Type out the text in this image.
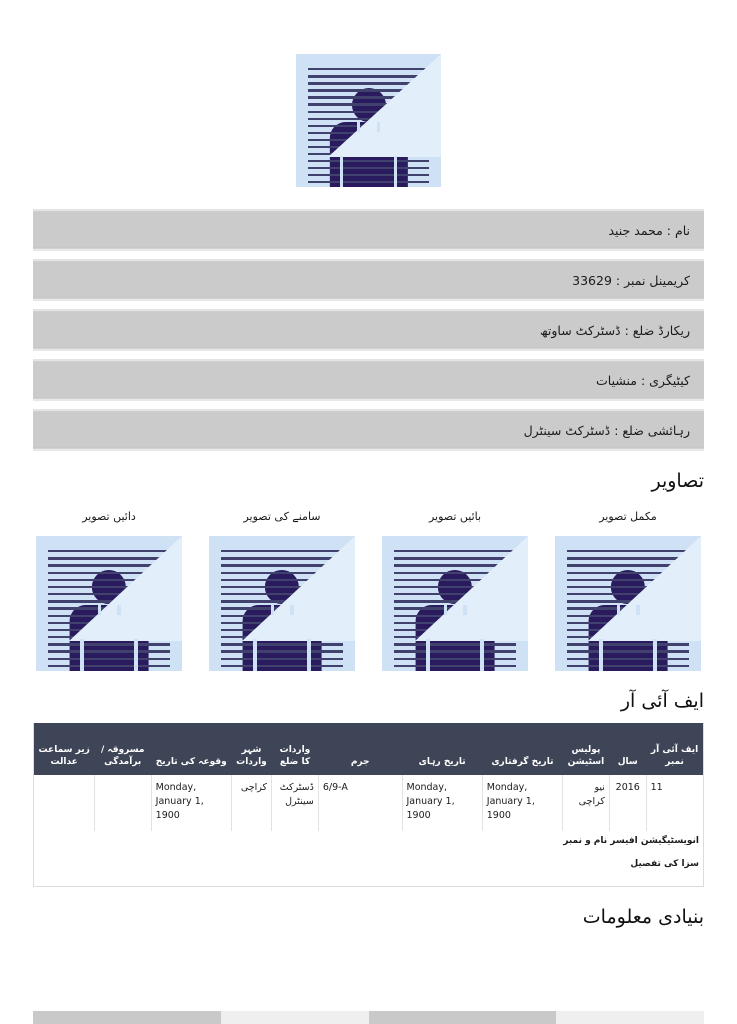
نام : محمد جنید
کریمینل نمبر : 33629
ریکارڈ ضلع : ڈسٹرکٹ ساوتھ
کیٹیگری : منشیات
رہائشی ضلع : ڈسٹرکٹ سینٹرل
تصاویر
مکمل تصویر
بائیں تصویر
سامنے کی تصویر
دائیں تصویر
ایف آئی آر
ایف آئی آر نمبر	سال	پولیس اسٹیشن	تاریخ گرفتاری	تاریخ رہای	جرم	واردات کا ضلع	شہر واردات	وقوعہ کی تاریخ	مسروقہ / برآمدگی	زیر سماعت عدالت
11	2016	نیو کراچی	Monday, January 1, 1900	Monday, January 1, 1900	6/9-A	ڈسٹرکٹ سینٹرل	کراچی	Monday, January 1, 1900		
انویسٹیگیشن افیسر نام و نمبر
سزا کی تفصیل
بنیادی معلومات
